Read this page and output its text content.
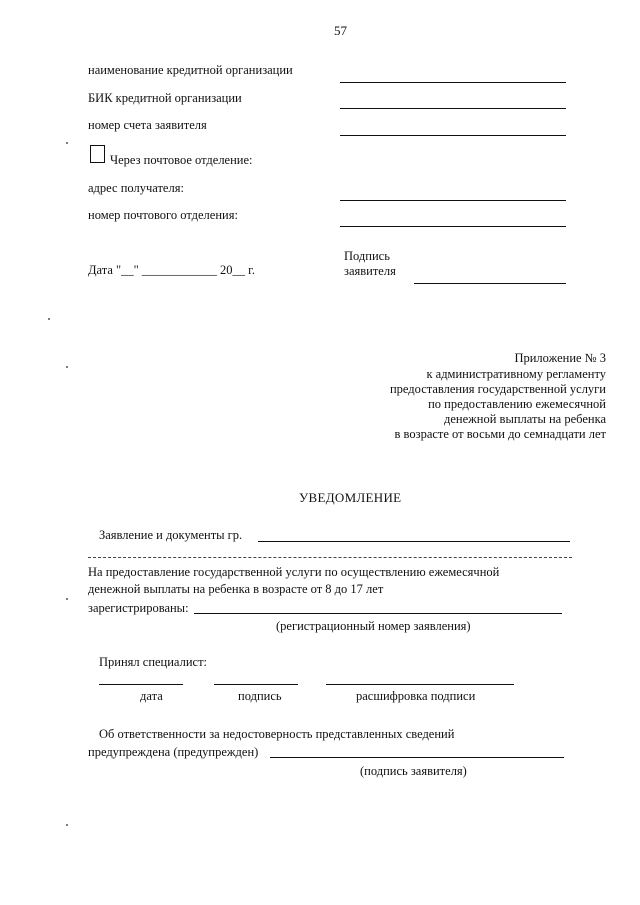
57
наименование кредитной организации
БИК кредитной организации
номер счета заявителя
Через почтовое отделение:
адрес получателя:
номер почтового отделения:
Дата "__" ____________ 20__ г.
Подпись
заявителя
Приложение № 3
к административному регламенту
предоставления государственной услуги
по предоставлению ежемесячной
денежной выплаты на ребенка
в возрасте от восьми до семнадцати лет
УВЕДОМЛЕНИЕ
Заявление и документы гр.
На предоставление государственной услуги по осуществлению ежемесячной
денежной выплаты на ребенка в возрасте от 8 до 17 лет
зарегистрированы:
(регистрационный номер заявления)
Принял специалист:
дата	подпись	расшифровка подписи
Об ответственности за недостоверность представленных сведений
предупреждена (предупрежден)
(подпись заявителя)
